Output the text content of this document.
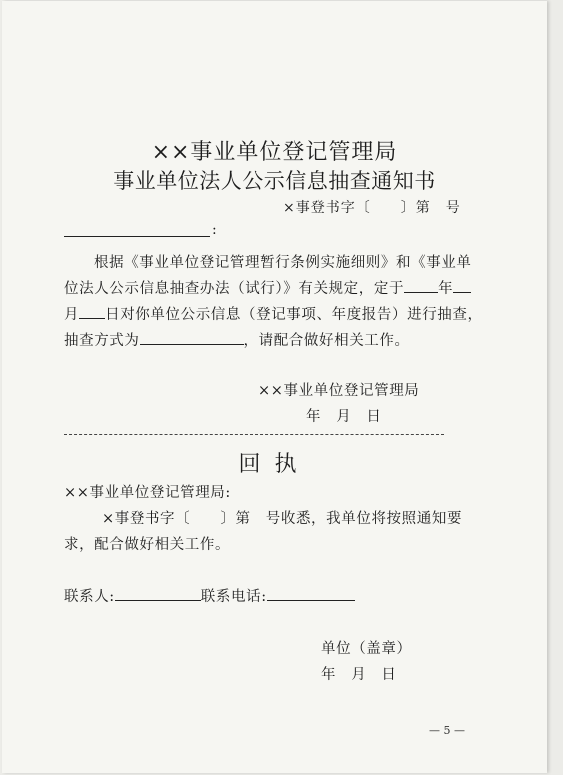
××事业单位登记管理局
事业单位法人公示信息抽查通知书
×事登书字〔　　〕第　号
:
根据《事业单位登记管理暂行条例实施细则》和《事业单
位法人公示信息抽查办法（试行）》有关规定，定于 年
月 日对你单位公示信息（登记事项、年度报告）进行抽查，
抽查方式为	，请配合做好相关工作。
××事业单位登记管理局
年　月　日
回执
××事业单位登记管理局:
×事登书字〔　　〕第　号收悉，我单位将按照通知要
求，配合做好相关工作。
联系人:	联系电话:
单位（盖章）
年　月　日
— 5 —
